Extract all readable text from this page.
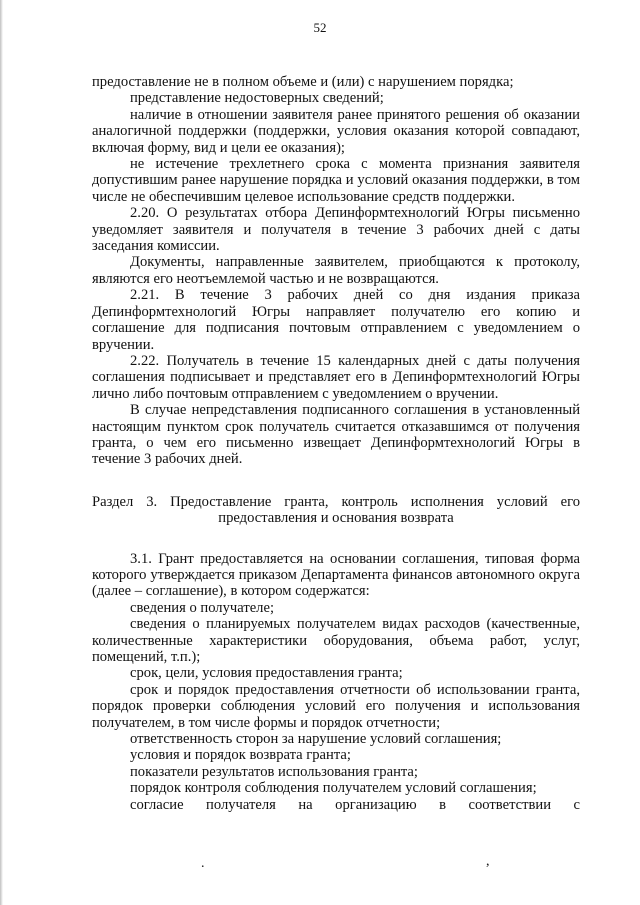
52

предоставление не в полном объеме и (или) с нарушением порядка;

представление недостоверных сведений;

наличие в отношении заявителя ранее принятого решения об оказании аналогичной поддержки (поддержки, условия оказания которой совпадают, включая форму, вид и цели ее оказания);

не истечение трехлетнего срока с момента признания заявителя допустившим ранее нарушение порядка и условий оказания поддержки, в том числе не обеспечившим целевое использование средств поддержки.

2.20. О результатах отбора Депинформтехнологий Югры письменно уведомляет заявителя и получателя в течение 3 рабочих дней с даты заседания комиссии.

Документы, направленные заявителем, приобщаются к протоколу, являются его неотъемлемой частью и не возвращаются.

2.21. В течение 3 рабочих дней со дня издания приказа Депинформтехнологий Югры направляет получателю его копию и соглашение для подписания почтовым отправлением с уведомлением о вручении.

2.22. Получатель в течение 15 календарных дней с даты получения соглашения подписывает и представляет его в Депинформтехнологий Югры лично либо почтовым отправлением с уведомлением о вручении.

В случае непредставления подписанного соглашения в установленный настоящим пунктом срок получатель считается отказавшимся от получения гранта, о чем его письменно извещает Депинформтехнологий Югры в течение 3 рабочих дней.

Раздел 3. Предоставление гранта, контроль исполнения условий его предоставления и основания возврата

3.1. Грант предоставляется на основании соглашения, типовая форма которого утверждается приказом Департамента финансов автономного округа (далее – соглашение), в котором содержатся:

сведения о получателе;

сведения о планируемых получателем видах расходов (качественные, количественные характеристики оборудования, объема работ, услуг, помещений, т.п.);

срок, цели, условия предоставления гранта;

срок и порядок предоставления отчетности об использовании гранта, порядок проверки соблюдения условий его получения и использования получателем, в том числе формы и порядок отчетности;

ответственность сторон за нарушение условий соглашения;

условия и порядок возврата гранта;

показатели результатов использования гранта;

порядок контроля соблюдения получателем условий соглашения;

согласие получателя на организацию в соответствии с

.	,
